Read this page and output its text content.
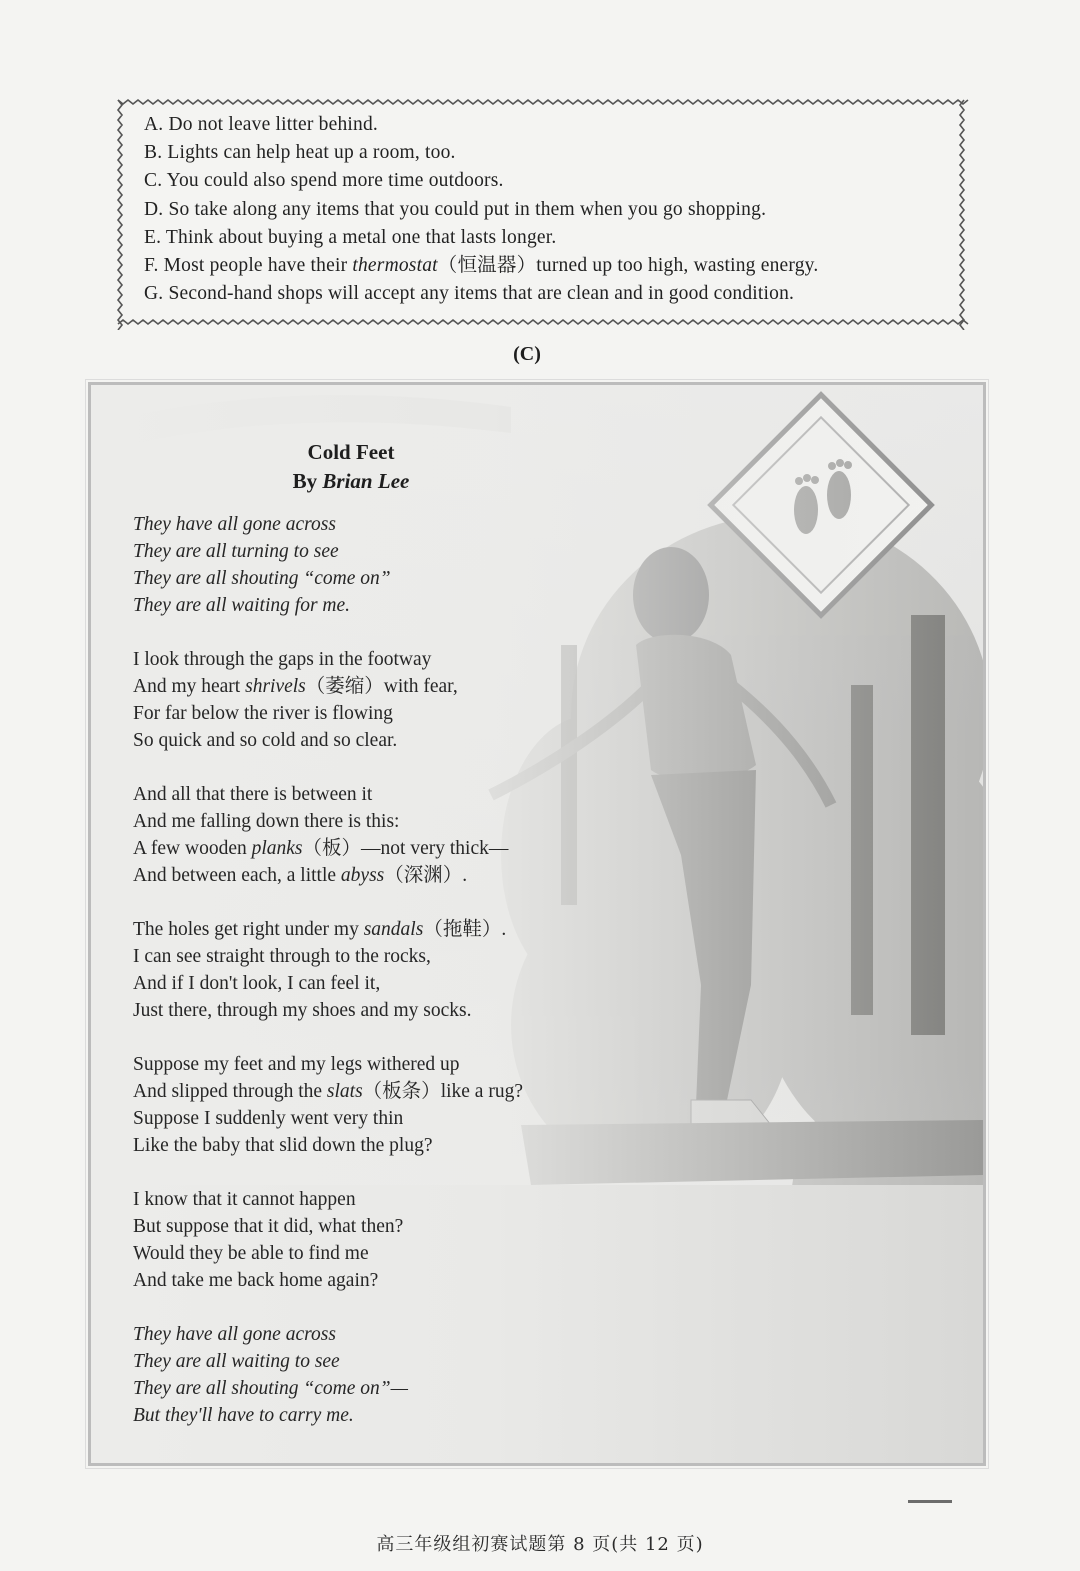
A. Do not leave litter behind.
B. Lights can help heat up a room, too.
C. You could also spend more time outdoors.
D. So take along any items that you could put in them when you go shopping.
E. Think about buying a metal one that lasts longer.
F. Most people have their thermostat（恒温器）turned up too high, wasting energy.
G. Second-hand shops will accept any items that are clean and in good condition.
(C)
Cold Feet
By Brian Lee
They have all gone across
They are all turning to see
They are all shouting “come on”
They are all waiting for me.
I look through the gaps in the footway
And my heart shrivels（萎缩）with fear,
For far below the river is flowing
So quick and so cold and so clear.
And all that there is between it
And me falling down there is this:
A few wooden planks（板）—not very thick—
And between each, a little abyss（深渊）.
The holes get right under my sandals（拖鞋）.
I can see straight through to the rocks,
And if I don't look, I can feel it,
Just there, through my shoes and my socks.
Suppose my feet and my legs withered up
And slipped through the slats（板条）like a rug?
Suppose I suddenly went very thin
Like the baby that slid down the plug?
I know that it cannot happen
But suppose that it did, what then?
Would they be able to find me
And take me back home again?
They have all gone across
They are all waiting to see
They are all shouting “come on”—
But they'll have to carry me.
高三年级组初赛试题第 8 页(共 12 页)
